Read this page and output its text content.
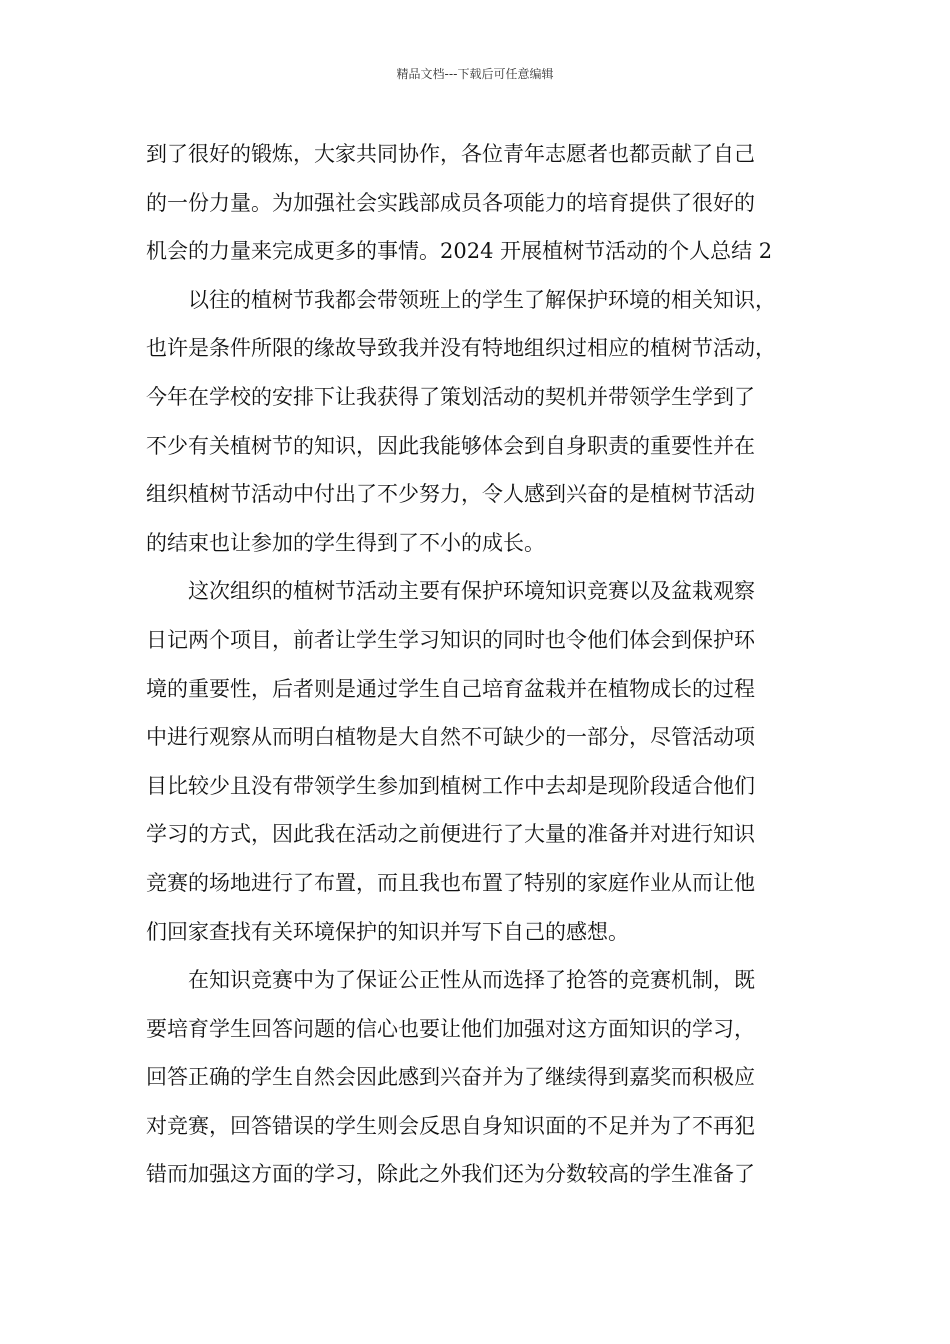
精品文档---下载后可任意编辑
到了很好的锻炼，大家共同协作，各位青年志愿者也都贡献了自己
的一份力量。为加强社会实践部成员各项能力的培育提供了很好的
机会的力量来完成更多的事情。2024 开展植树节活动的个人总结 2
以往的植树节我都会带领班上的学生了解保护环境的相关知识，
也许是条件所限的缘故导致我并没有特地组织过相应的植树节活动，
今年在学校的安排下让我获得了策划活动的契机并带领学生学到了
不少有关植树节的知识，因此我能够体会到自身职责的重要性并在
组织植树节活动中付出了不少努力，令人感到兴奋的是植树节活动
的结束也让参加的学生得到了不小的成长。
这次组织的植树节活动主要有保护环境知识竞赛以及盆栽观察
日记两个项目，前者让学生学习知识的同时也令他们体会到保护环
境的重要性，后者则是通过学生自己培育盆栽并在植物成长的过程
中进行观察从而明白植物是大自然不可缺少的一部分，尽管活动项
目比较少且没有带领学生参加到植树工作中去却是现阶段适合他们
学习的方式，因此我在活动之前便进行了大量的准备并对进行知识
竞赛的场地进行了布置，而且我也布置了特别的家庭作业从而让他
们回家查找有关环境保护的知识并写下自己的感想。
在知识竞赛中为了保证公正性从而选择了抢答的竞赛机制，既
要培育学生回答问题的信心也要让他们加强对这方面知识的学习，
回答正确的学生自然会因此感到兴奋并为了继续得到嘉奖而积极应
对竞赛，回答错误的学生则会反思自身知识面的不足并为了不再犯
错而加强这方面的学习，除此之外我们还为分数较高的学生准备了
